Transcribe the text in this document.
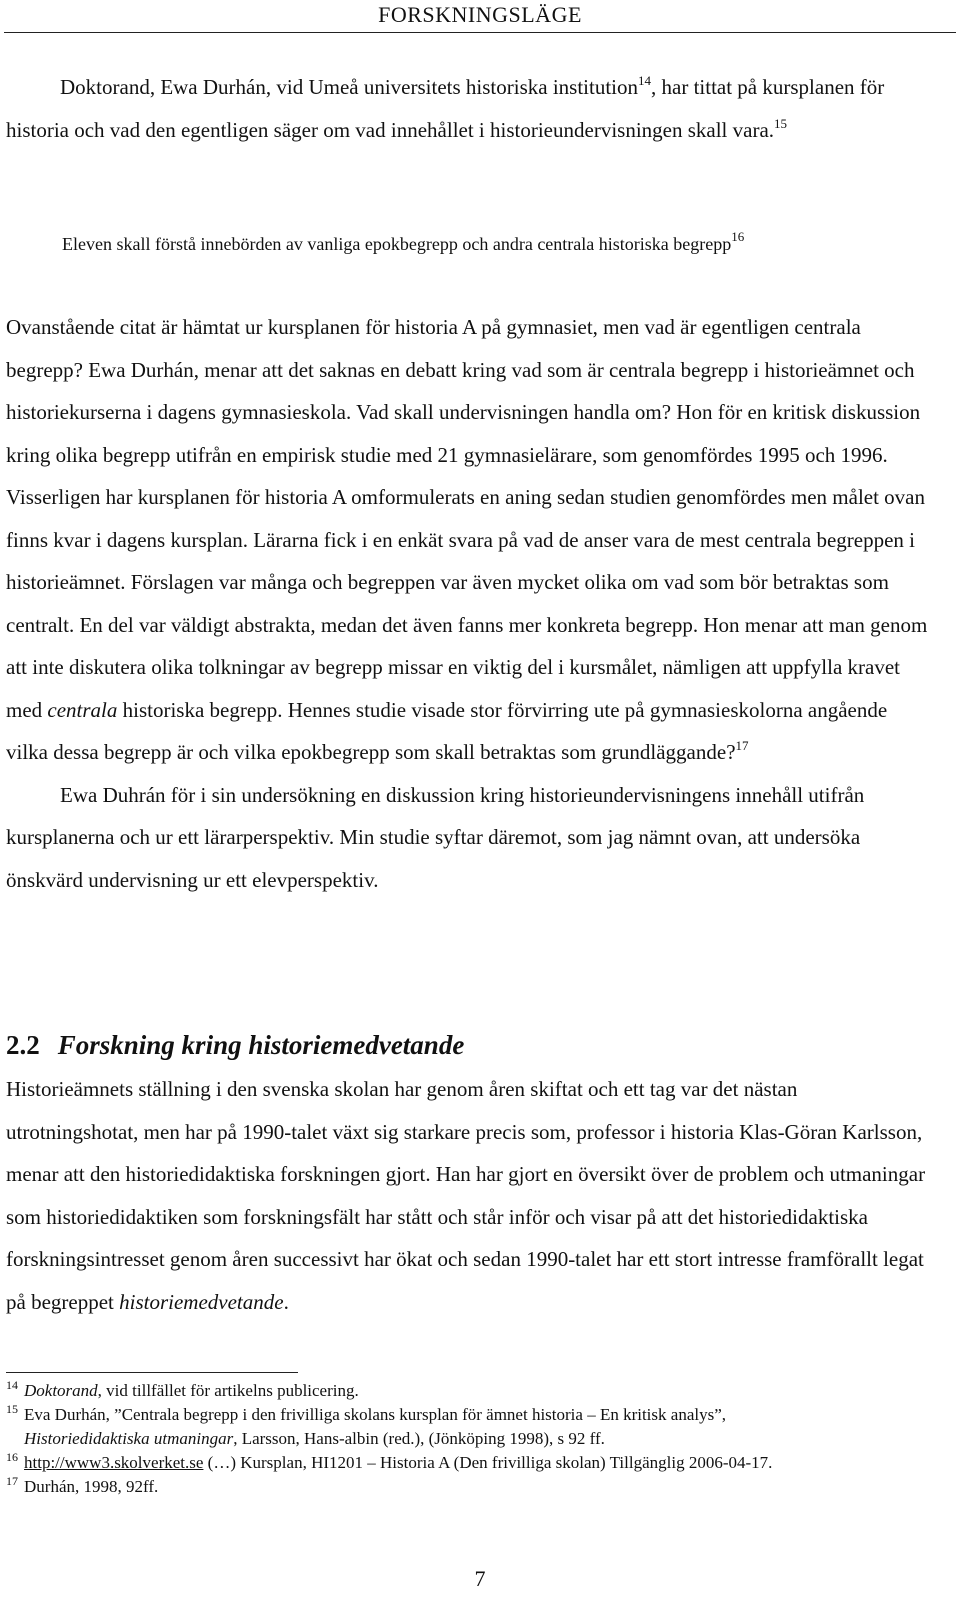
FORSKNINGSLÄGE

Doktorand, Ewa Durhán, vid Umeå universitets historiska institution$^{14}$, har tittat på kursplanen för historia och vad den egentligen säger om vad innehållet i historieundervisningen skall vara.$^{15}$

Eleven skall förstå innebörden av vanliga epokbegrepp och andra centrala historiska begrepp$^{16}$

Ovanstående citat är hämtat ur kursplanen för historia A på gymnasiet, men vad är egentligen centrala begrepp? Ewa Durhán, menar att det saknas en debatt kring vad som är centrala begrepp i historieämnet och historiekurserna i dagens gymnasieskola. Vad skall undervisningen handla om? Hon för en kritisk diskussion kring olika begrepp utifrån en empirisk studie med 21 gymnasielärare, som genomfördes 1995 och 1996. Visserligen har kursplanen för historia A omformulerats en aning sedan studien genomfördes men målet ovan finns kvar i dagens kursplan. Lärarna fick i en enkät svara på vad de anser vara de mest centrala begreppen i historieämnet. Förslagen var många och begreppen var även mycket olika om vad som bör betraktas som centralt. En del var väldigt abstrakta, medan det även fanns mer konkreta begrepp. Hon menar att man genom att inte diskutera olika tolkningar av begrepp missar en viktig del i kursmålet, nämligen att uppfylla kravet med centrala historiska begrepp. Hennes studie visade stor förvirring ute på gymnasieskolorna angående vilka dessa begrepp är och vilka epokbegrepp som skall betraktas som grundläggande?$^{17}$

Ewa Duhrán för i sin undersökning en diskussion kring historieundervisningens innehåll utifrån kursplanerna och ur ett lärarperspektiv. Min studie syftar däremot, som jag nämnt ovan, att undersöka önskvärd undervisning ur ett elevperspektiv.

2.2 Forskning kring historiemedvetande

Historieämnets ställning i den svenska skolan har genom åren skiftat och ett tag var det nästan utrotningshotat, men har på 1990-talet växt sig starkare precis som, professor i historia Klas-Göran Karlsson, menar att den historiedidaktiska forskningen gjort. Han har gjort en översikt över de problem och utmaningar som historiedidaktiken som forskningsfält har stått och står inför och visar på att det historiedidaktiska forskningsintresset genom åren successivt har ökat och sedan 1990-talet har ett stort intresse framförallt legat på begreppet historiemedvetande.

14 Doktorand, vid tillfället för artikelns publicering.
15 Eva Durhán, ”Centrala begrepp i den frivilliga skolans kursplan för ämnet historia – En kritisk analys”,
Historiedidaktiska utmaningar, Larsson, Hans-albin (red.), (Jönköping 1998), s 92 ff.
16 http://www3.skolverket.se (…) Kursplan, HI1201 – Historia A (Den frivilliga skolan) Tillgänglig 2006-04-17.
17 Durhán, 1998, 92ff.
7
